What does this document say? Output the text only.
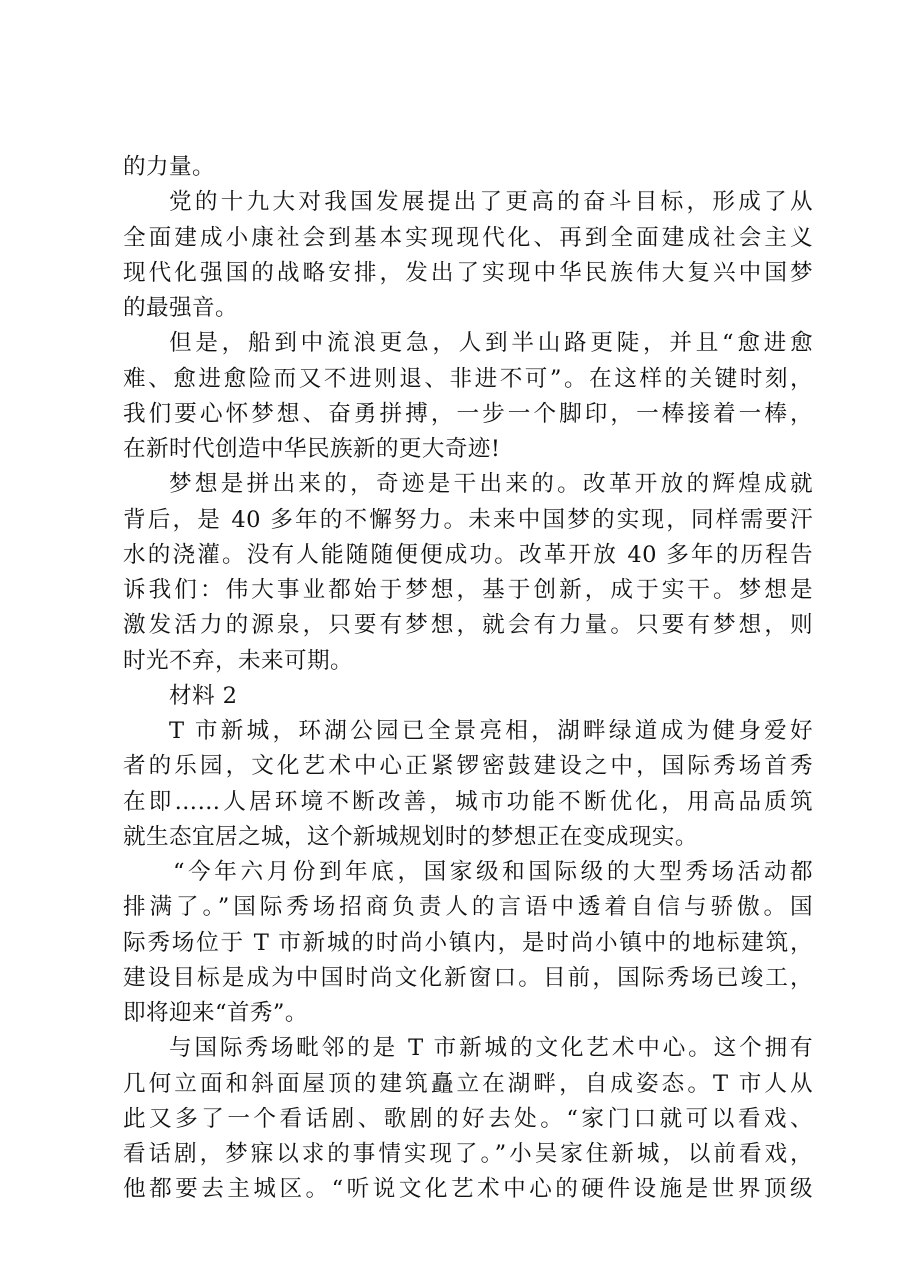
的力量。
党的十九大对我国发展提出了更高的奋斗目标，形成了从
全面建成小康社会到基本实现现代化、再到全面建成社会主义
现代化强国的战略安排，发出了实现中华民族伟大复兴中国梦
的最强音。
但是，船到中流浪更急，人到半山路更陡，并且“愈进愈
难、愈进愈险而又不进则退、非进不可”。在这样的关键时刻，
我们要心怀梦想、奋勇拼搏，一步一个脚印，一棒接着一棒，
在新时代创造中华民族新的更大奇迹!
梦想是拼出来的，奇迹是干出来的。改革开放的辉煌成就
背后，是 40 多年的不懈努力。未来中国梦的实现，同样需要汗
水的浇灌。没有人能随随便便成功。改革开放 40 多年的历程告
诉我们：伟大事业都始于梦想，基于创新，成于实干。梦想是
激发活力的源泉，只要有梦想，就会有力量。只要有梦想，则
时光不弃，未来可期。
材料 2
T 市新城，环湖公园已全景亮相，湖畔绿道成为健身爱好
者的乐园，文化艺术中心正紧锣密鼓建设之中，国际秀场首秀
在即……人居环境不断改善，城市功能不断优化，用高品质筑
就生态宜居之城，这个新城规划时的梦想正在变成现实。
“今年六月份到年底，国家级和国际级的大型秀场活动都
排满了。”国际秀场招商负责人的言语中透着自信与骄傲。国
际秀场位于 T 市新城的时尚小镇内，是时尚小镇中的地标建筑，
建设目标是成为中国时尚文化新窗口。目前，国际秀场已竣工，
即将迎来“首秀”。
与国际秀场毗邻的是 T 市新城的文化艺术中心。这个拥有
几何立面和斜面屋顶的建筑矗立在湖畔，自成姿态。T 市人从
此又多了一个看话剧、歌剧的好去处。“家门口就可以看戏、
看话剧，梦寐以求的事情实现了。”小吴家住新城，以前看戏，
他都要去主城区。“听说文化艺术中心的硬件设施是世界顶级
